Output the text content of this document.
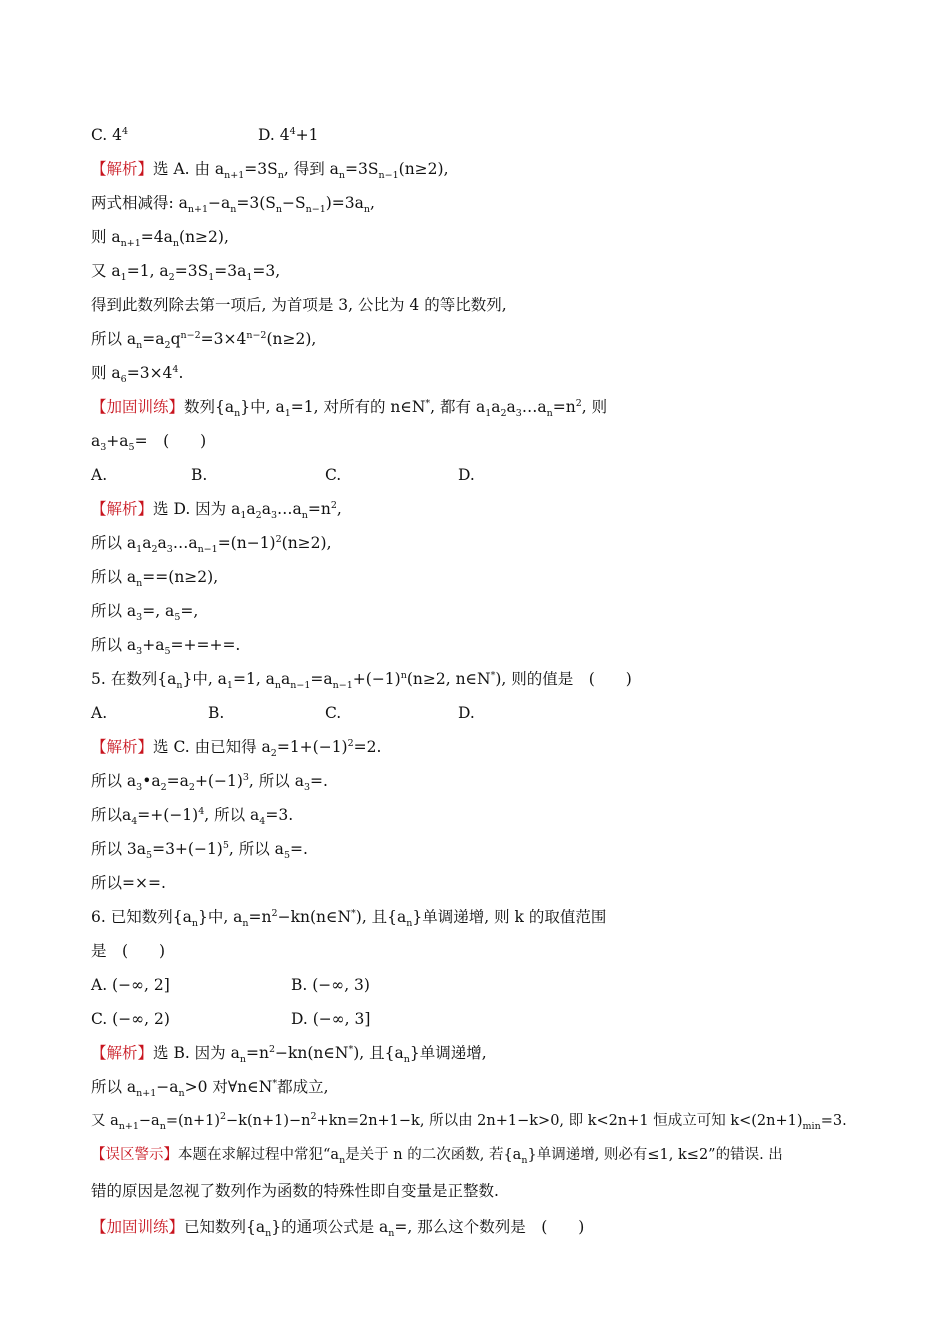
C. $4^4$	D. $4^4+1$
【解析】选 A. 由 $a_{n+1}=3S_n$, 得到 $a_n=3S_{n-1}(n\ge 2)$,
两式相减得: $a_{n+1}-a_n=3(S_n-S_{n-1})=3a_n$,
则 $a_{n+1}=4a_n(n\ge 2)$,
又 $a_1=1$, $a_2=3S_1=3a_1=3$,
得到此数列除去第一项后, 为首项是 3, 公比为 4 的等比数列,
所以 $a_n=a_2q^{n-2}=3\times 4^{n-2}(n\ge 2)$,
则 $a_6=3\times 4^4$.
【加固训练】数列$\{a_n\}$中, $a_1=1$, 对所有的 n∈N*, 都有 $a_1a_2a_3\dots a_n=n^2$, 则
$a_3+a_5=$　(　　)
A.	B.	C.	D.
【解析】选 D. 因为 $a_1a_2a_3\dots a_n=n^2$,
所以 $a_1a_2a_3\dots a_{n-1}=(n-1)^2(n\ge 2)$,
所以 $a_n==(n\ge 2)$,
所以 $a_3=$, $a_5=$,
所以 $a_3+a_5=+=+=$.
5. 在数列$\{a_n\}$中, $a_1=1$, $a_na_{n-1}=a_{n-1}+(-1)^n(n\ge 2$, n∈N*), 则的值是　(　　)
A.	B.	C.	D.
【解析】选 C. 由已知得 $a_2=1+(-1)^2=2$.
所以 $a_3•a_2=a_2+(-1)^3$, 所以 $a_3=$.
所以$a_4=+(-1)^4$, 所以 $a_4=3$.
所以 $3a_5=3+(-1)^5$, 所以 $a_5=$.
所以=×=.
6. 已知数列$\{a_n\}$中, $a_n=n^2-kn(n\in N^*)$, 且$\{a_n\}$单调递增, 则 k 的取值范围
是　(　　)
A. (−∞, 2]	B. (−∞, 3)
C. (−∞, 2)	D. (−∞, 3]
【解析】选 B. 因为 $a_n=n^2-kn(n\in N^*)$, 且$\{a_n\}$单调递增,
所以 $a_{n+1}-a_n>0$ 对∀n∈N*都成立,
又 $a_{n+1}-a_n=(n+1)^2-k(n+1)-n^2+kn=2n+1-k$, 所以由 2n+1−k>0, 即 k<2n+1 恒成立可知 $k<(2n+1)_{min}=3$.
【误区警示】本题在求解过程中常犯“$a_n$是关于 n 的二次函数, 若$\{a_n\}$单调递增, 则必有≤1, k≤2”的错误. 出
错的原因是忽视了数列作为函数的特殊性即自变量是正整数.
【加固训练】已知数列$\{a_n\}$的通项公式是 $a_n=$, 那么这个数列是　(　　)
